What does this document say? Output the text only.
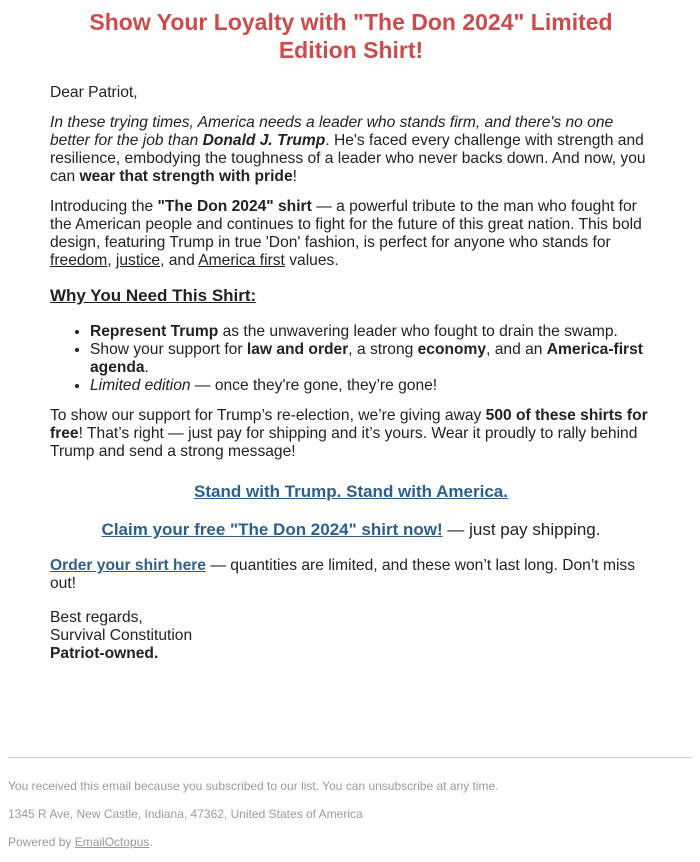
Show Your Loyalty with "The Don 2024" Limited Edition Shirt!

Dear Patriot,

In these trying times, America needs a leader who stands firm, and there's no one better for the job than Donald J. Trump. He's faced every challenge with strength and resilience, embodying the toughness of a leader who never backs down. And now, you can wear that strength with pride!

Introducing the "The Don 2024" shirt — a powerful tribute to the man who fought for the American people and continues to fight for the future of this great nation. This bold design, featuring Trump in true 'Don' fashion, is perfect for anyone who stands for freedom, justice, and America first values.

Why You Need This Shirt:
• Represent Trump as the unwavering leader who fought to drain the swamp.
• Show your support for law and order, a strong economy, and an America-first agenda.
• Limited edition — once they're gone, they’re gone!

To show our support for Trump’s re-election, we’re giving away 500 of these shirts for free! That’s right — just pay for shipping and it’s yours. Wear it proudly to rally behind Trump and send a strong message!

Stand with Trump. Stand with America.
Claim your free "The Don 2024" shirt now! — just pay shipping.

Order your shirt here — quantities are limited, and these won’t last long. Don’t miss out!

Best regards,
Survival Constitution
Patriot-owned.

You received this email because you subscribed to our list. You can unsubscribe at any time.

1345 R Ave, New Castle, Indiana, 47362, United States of America

Powered by EmailOctopus.
